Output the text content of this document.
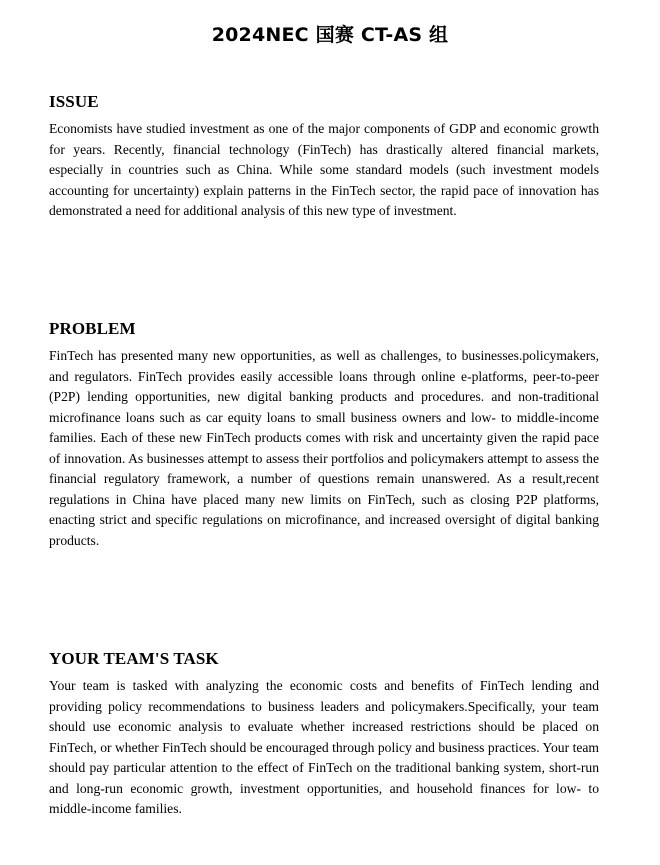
2024NEC 国赛 CT-AS 组
ISSUE

Economists have studied investment as one of the major components of GDP and economic growth for years. Recently, financial technology (FinTech) has drastically altered financial markets, especially in countries such as China. While some standard models (such investment models accounting for uncertainty) explain patterns in the FinTech sector, the rapid pace of innovation has demonstrated a need for additional analysis of this new type of investment.

PROBLEM

FinTech has presented many new opportunities, as well as challenges, to businesses.policymakers, and regulators. FinTech provides easily accessible loans through online e-platforms, peer-to-peer (P2P) lending opportunities, new digital banking products and procedures. and non-traditional microfinance loans such as car equity loans to small business owners and low- to middle-income families. Each of these new FinTech products comes with risk and uncertainty given the rapid pace of innovation. As businesses attempt to assess their portfolios and policymakers attempt to assess the financial regulatory framework, a number of questions remain unanswered. As a result,recent regulations in China have placed many new limits on FinTech, such as closing P2P platforms, enacting strict and specific regulations on microfinance, and increased oversight of digital banking products.

YOUR TEAM'S TASK

Your team is tasked with analyzing the economic costs and benefits of FinTech lending and providing policy recommendations to business leaders and policymakers.Specifically, your team should use economic analysis to evaluate whether increased restrictions should be placed on FinTech, or whether FinTech should be encouraged through policy and business practices. Your team should pay particular attention to the effect of FinTech on the traditional banking system, short-run and long-run economic growth, investment opportunities, and household finances for low- to middle-income families.
